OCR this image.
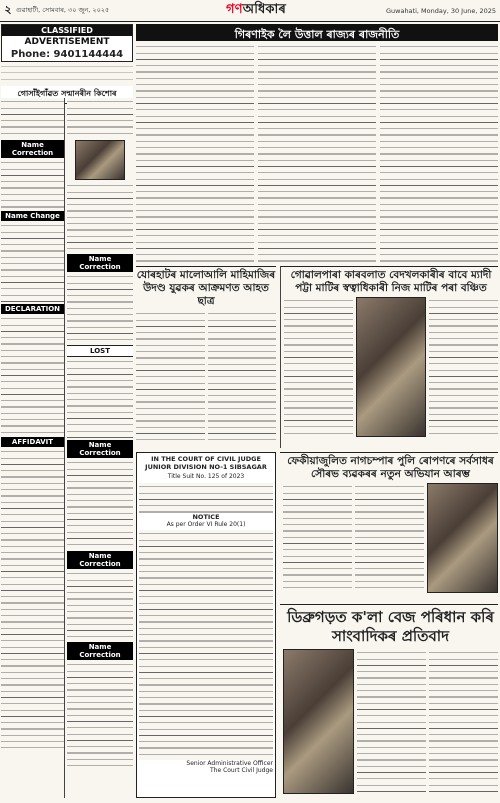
২ গুৱাহাটী, সোমবাৰ, ৩০ জুন, ২০২৫	গণঅধিকাৰ	Guwahati, Monday, 30 June, 2025
CLASSIFIED
ADVERTISEMENT
Phone: 9401144444
গোসাঁইগাঁৱত সন্মানৰীন কিশোৰ
Name Correction
Name Change
DECLARATION
AFFIDAVIT
Name Correction
LOST
Name Correction
Name Correction
Name Correction
গিৰণাইক লৈ উত্তাল ৰাজ্যৰ ৰাজনীতি
যোৰহাটৰ মালোআলি মাহিমাজিৰ উদণ্ড যুৱকৰ আক্ৰমণত আহত ছাত্ৰ
গোৱালপাৰা কাৰবলাত বেদখলকাৰীৰ বাবে ম্যাদী পট্টা মাটিৰ স্বত্বাধিকাৰী নিজ মাটিৰ পৰা বঞ্চিত
IN THE COURT OF CIVIL JUDGE JUNIOR DIVISION NO-1 SIBSAGAR
Title Suit No. 125 of 2023
NOTICE
As per Order VI Rule 20(1)
Senior Administrative Officer
The Court Civil Judge
ফেকীয়াজুলিত নাগচম্পাৰ পুলি ৰোপণৰে সৰ্বসাধৰ সৌৰভ ব্যৱকৰৰ নতুন অভিযান আৰম্ভ
ডিব্ৰুগড়ত ক'লা বেজ পৰিধান কৰি সাংবাদিকৰ প্ৰতিবাদ
